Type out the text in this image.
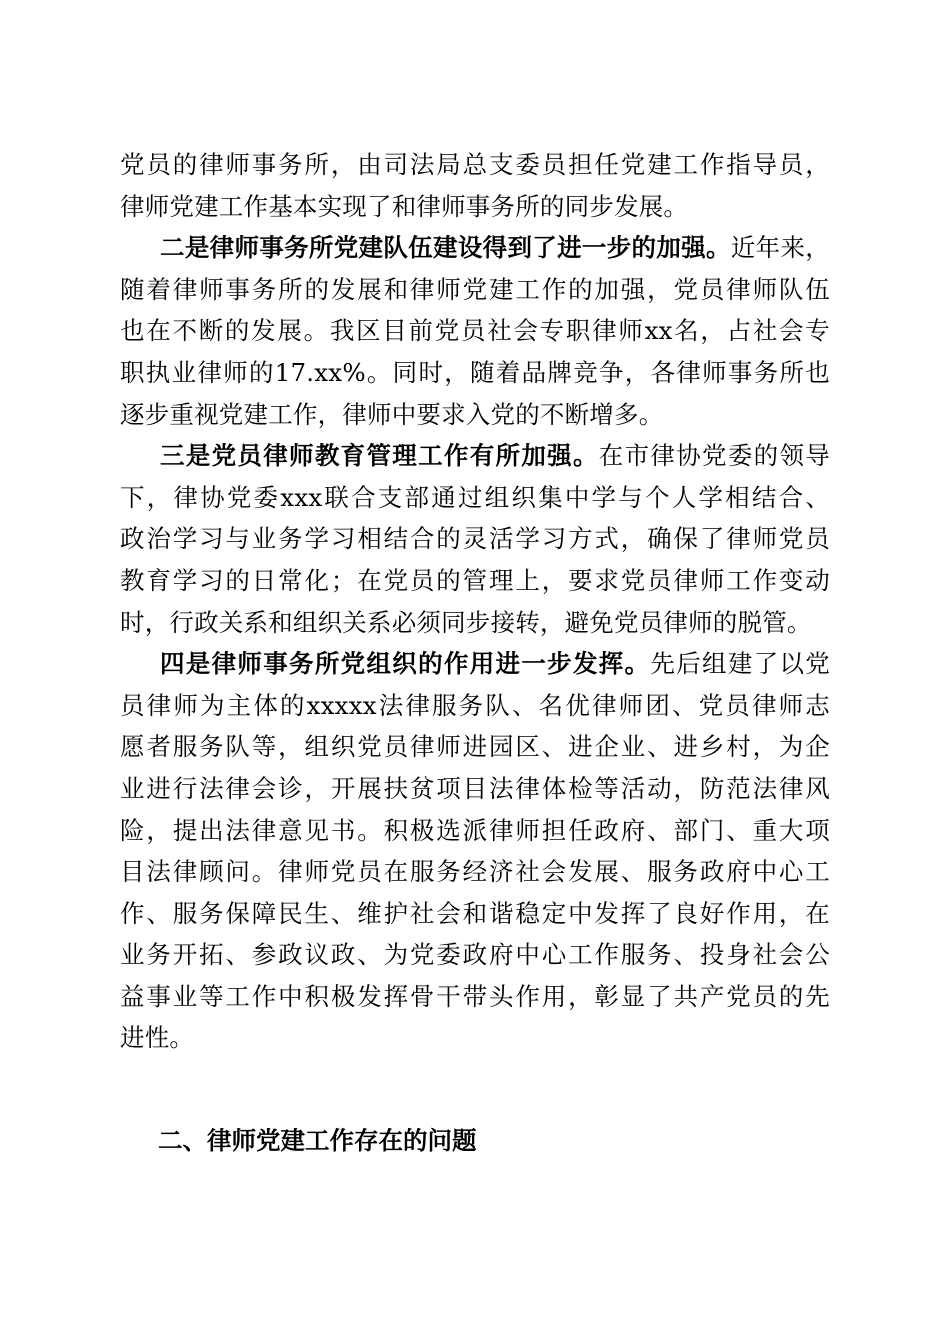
党员的律师事务所，由司法局总支委员担任党建工作指导员，
律师党建工作基本实现了和律师事务所的同步发展。
二是律师事务所党建队伍建设得到了进一步的加强。近年来，
随着律师事务所的发展和律师党建工作的加强，党员律师队伍
也在不断的发展。我区目前党员社会专职律师xx名，占社会专
职执业律师的17.xx%。同时，随着品牌竞争，各律师事务所也
逐步重视党建工作，律师中要求入党的不断增多。
三是党员律师教育管理工作有所加强。在市律协党委的领导
下，律协党委xxx联合支部通过组织集中学与个人学相结合、
政治学习与业务学习相结合的灵活学习方式，确保了律师党员
教育学习的日常化；在党员的管理上，要求党员律师工作变动
时，行政关系和组织关系必须同步接转，避免党员律师的脱管。
四是律师事务所党组织的作用进一步发挥。先后组建了以党
员律师为主体的xxxxx法律服务队、名优律师团、党员律师志
愿者服务队等，组织党员律师进园区、进企业、进乡村，为企
业进行法律会诊，开展扶贫项目法律体检等活动，防范法律风
险，提出法律意见书。积极选派律师担任政府、部门、重大项
目法律顾问。律师党员在服务经济社会发展、服务政府中心工
作、服务保障民生、维护社会和谐稳定中发挥了良好作用，在
业务开拓、参政议政、为党委政府中心工作服务、投身社会公
益事业等工作中积极发挥骨干带头作用，彰显了共产党员的先
进性。
二、律师党建工作存在的问题
